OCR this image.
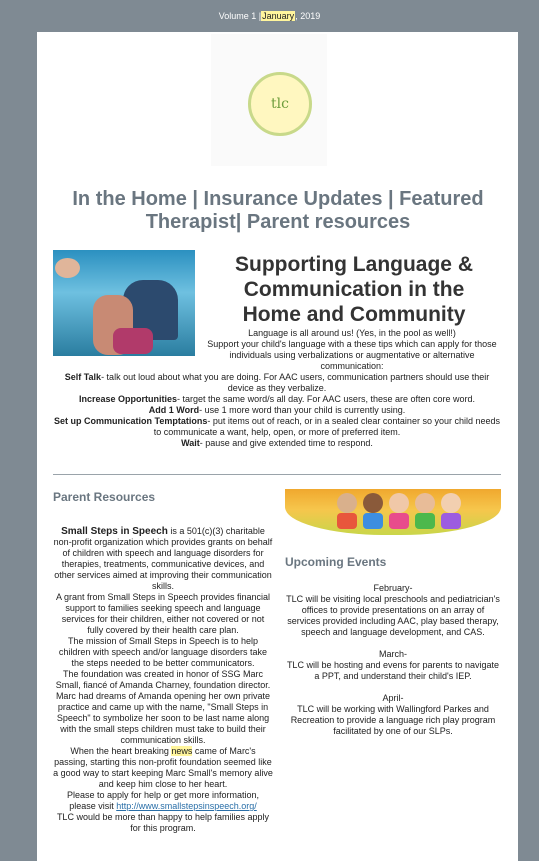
Volume 1 | January , 2019
tlc
In the Home | Insurance Updates | Featured Therapist| Parent resources
Supporting Language & Communication in the Home and Community

Language is all around us! (Yes, in the pool as well!)

Support your child's language with a these tips which can apply for those individuals using verbalizations or augmentative or alternative communication:

Self Talk- talk out loud about what you are doing. For AAC users, communication partners should use their device as they verbalize.

Increase Opportunities- target the same word/s all day. For AAC users, these are often core word.

Add 1 Word- use 1 more word than your child is currently using.

Set up Communication Temptations- put items out of reach, or in a sealed clear container so your child needs to communicate a want, help, open, or more of preferred item.

Wait- pause and give extended time to respond.

Parent Resources
Small Steps in Speech is a 501(c)(3) charitable non-profit organization which provides grants on behalf of children with speech and language disorders for therapies, treatments, communicative devices, and other services aimed at improving their communication skills.
A grant from Small Steps in Speech provides financial support to families seeking speech and language services for their children, either not covered or not fully covered by their health care plan.
The mission of Small Steps in Speech is to help children with speech and/or language disorders take the steps needed to be better communicators.
The foundation was created in honor of SSG Marc Small, fiancé of Amanda Charney, foundation director. Marc had dreams of Amanda opening her own private practice and came up with the name, "Small Steps in Speech" to symbolize her soon to be last name along with the small steps children must take to build their communication skills.
When the heart breaking news came of Marc's passing, starting this non-profit foundation seemed like a good way to start keeping Marc Small's memory alive and keep him close to her heart.
Please to apply for help or get more information, please visit http://www.smallstepsinspeech.org/
TLC would be more than happy to help families apply for this program.
Upcoming Events

February-
TLC will be visiting local preschools and pediatrician's offices to provide presentations on an array of services provided including AAC, play based therapy, speech and language development, and CAS.

March-
TLC will be hosting and evens for parents to navigate a PPT, and understand their child's IEP.

April-
TLC will be working with Wallingford Parkes and Recreation to provide a language rich play program facilitated by one of our SLPs.
